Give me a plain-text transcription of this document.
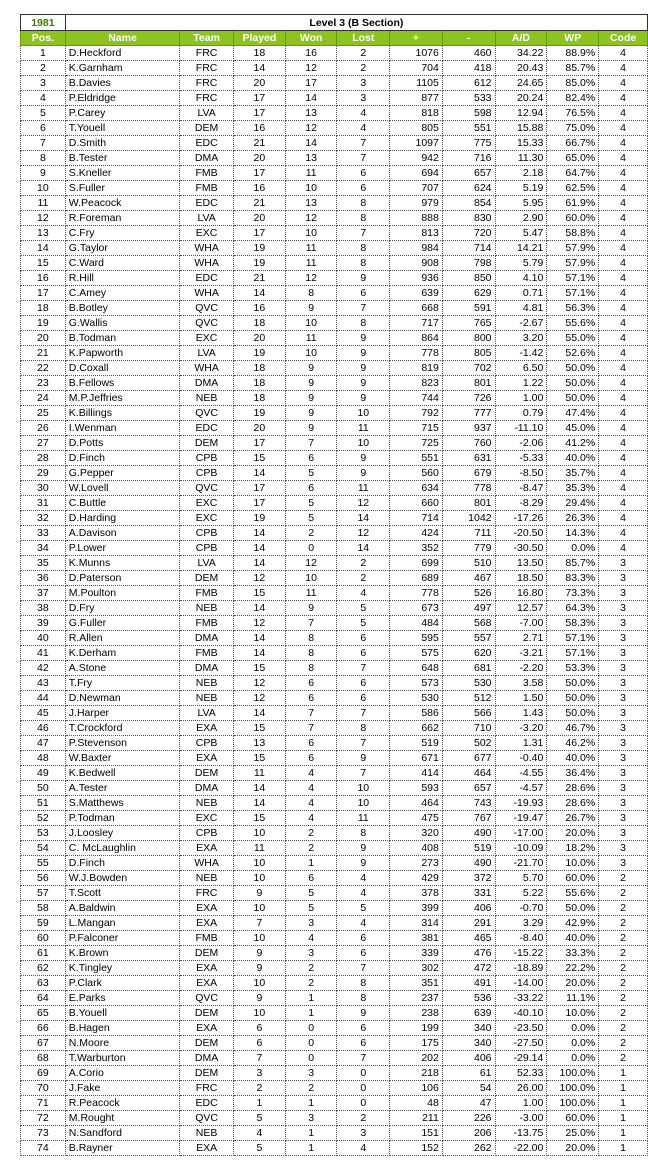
1981	Level 3 (B Section)									
Pos.	Name	Team	Played	Won	Lost	+	-	A/D	WP	Code
1	D.Heckford	FRC	18	16	2	1076	460	34.22	88.9%	4
2	K.Garnham	FRC	14	12	2	704	418	20.43	85.7%	4
3	B.Davies	FRC	20	17	3	1105	612	24.65	85.0%	4
4	P.Eldridge	FRC	17	14	3	877	533	20.24	82.4%	4
5	P.Carey	LVA	17	13	4	818	598	12.94	76.5%	4
6	T.Youell	DEM	16	12	4	805	551	15.88	75.0%	4
7	D.Smith	EDC	21	14	7	1097	775	15.33	66.7%	4
8	B.Tester	DMA	20	13	7	942	716	11.30	65.0%	4
9	S.Kneller	FMB	17	11	6	694	657	2.18	64.7%	4
10	S.Fuller	FMB	16	10	6	707	624	5.19	62.5%	4
11	W.Peacock	EDC	21	13	8	979	854	5.95	61.9%	4
12	R.Foreman	LVA	20	12	8	888	830	2.90	60.0%	4
13	C.Fry	EXC	17	10	7	813	720	5.47	58.8%	4
14	G.Taylor	WHA	19	11	8	984	714	14.21	57.9%	4
15	C.Ward	WHA	19	11	8	908	798	5.79	57.9%	4
16	R.Hill	EDC	21	12	9	936	850	4.10	57.1%	4
17	C.Amey	WHA	14	8	6	639	629	0.71	57.1%	4
18	B.Botley	QVC	16	9	7	668	591	4.81	56.3%	4
19	G.Wallis	QVC	18	10	8	717	765	-2.67	55.6%	4
20	B.Todman	EXC	20	11	9	864	800	3.20	55.0%	4
21	K.Papworth	LVA	19	10	9	778	805	-1.42	52.6%	4
22	D.Coxall	WHA	18	9	9	819	702	6.50	50.0%	4
23	B.Fellows	DMA	18	9	9	823	801	1.22	50.0%	4
24	M.P.Jeffries	NEB	18	9	9	744	726	1.00	50.0%	4
25	K.Billings	QVC	19	9	10	792	777	0.79	47.4%	4
26	I.Wenman	EDC	20	9	11	715	937	-11.10	45.0%	4
27	D.Potts	DEM	17	7	10	725	760	-2.06	41.2%	4
28	D.Finch	CPB	15	6	9	551	631	-5.33	40.0%	4
29	G.Pepper	CPB	14	5	9	560	679	-8.50	35.7%	4
30	W.Lovell	QVC	17	6	11	634	778	-8.47	35.3%	4
31	C.Buttle	EXC	17	5	12	660	801	-8.29	29.4%	4
32	D.Harding	EXC	19	5	14	714	1042	-17.26	26.3%	4
33	A.Davison	CPB	14	2	12	424	711	-20.50	14.3%	4
34	P.Lower	CPB	14	0	14	352	779	-30.50	0.0%	4
35	K.Munns	LVA	14	12	2	699	510	13.50	85.7%	3
36	D.Paterson	DEM	12	10	2	689	467	18.50	83.3%	3
37	M.Poulton	FMB	15	11	4	778	526	16.80	73.3%	3
38	D.Fry	NEB	14	9	5	673	497	12.57	64.3%	3
39	G.Fuller	FMB	12	7	5	484	568	-7.00	58.3%	3
40	R.Allen	DMA	14	8	6	595	557	2.71	57.1%	3
41	K.Derham	FMB	14	8	6	575	620	-3.21	57.1%	3
42	A.Stone	DMA	15	8	7	648	681	-2.20	53.3%	3
43	T.Fry	NEB	12	6	6	573	530	3.58	50.0%	3
44	D.Newman	NEB	12	6	6	530	512	1.50	50.0%	3
45	J.Harper	LVA	14	7	7	586	566	1.43	50.0%	3
46	T.Crockford	EXA	15	7	8	662	710	-3.20	46.7%	3
47	P.Stevenson	CPB	13	6	7	519	502	1.31	46.2%	3
48	W.Baxter	EXA	15	6	9	671	677	-0.40	40.0%	3
49	K.Bedwell	DEM	11	4	7	414	464	-4.55	36.4%	3
50	A.Tester	DMA	14	4	10	593	657	-4.57	28.6%	3
51	S.Matthews	NEB	14	4	10	464	743	-19.93	28.6%	3
52	P.Todman	EXC	15	4	11	475	767	-19.47	26.7%	3
53	J.Loosley	CPB	10	2	8	320	490	-17.00	20.0%	3
54	C. McLaughlin	EXA	11	2	9	408	519	-10.09	18.2%	3
55	D.Finch	WHA	10	1	9	273	490	-21.70	10.0%	3
56	W.J.Bowden	NEB	10	6	4	429	372	5.70	60.0%	2
57	T.Scott	FRC	9	5	4	378	331	5.22	55.6%	2
58	A.Baldwin	EXA	10	5	5	399	406	-0.70	50.0%	2
59	L.Mangan	EXA	7	3	4	314	291	3.29	42.9%	2
60	P.Falconer	FMB	10	4	6	381	465	-8.40	40.0%	2
61	K.Brown	DEM	9	3	6	339	476	-15.22	33.3%	2
62	K.Tingley	EXA	9	2	7	302	472	-18.89	22.2%	2
63	P.Clark	EXA	10	2	8	351	491	-14.00	20.0%	2
64	E.Parks	QVC	9	1	8	237	536	-33.22	11.1%	2
65	B.Youell	DEM	10	1	9	238	639	-40.10	10.0%	2
66	B.Hagen	EXA	6	0	6	199	340	-23.50	0.0%	2
67	N.Moore	DEM	6	0	6	175	340	-27.50	0.0%	2
68	T.Warburton	DMA	7	0	7	202	406	-29.14	0.0%	2
69	A.Corio	DEM	3	3	0	218	61	52.33	100.0%	1
70	J.Fake	FRC	2	2	0	106	54	26.00	100.0%	1
71	R.Peacock	EDC	1	1	0	48	47	1.00	100.0%	1
72	M.Rought	QVC	5	3	2	211	226	-3.00	60.0%	1
73	N.Sandford	NEB	4	1	3	151	206	-13.75	25.0%	1
74	B.Rayner	EXA	5	1	4	152	262	-22.00	20.0%	1
